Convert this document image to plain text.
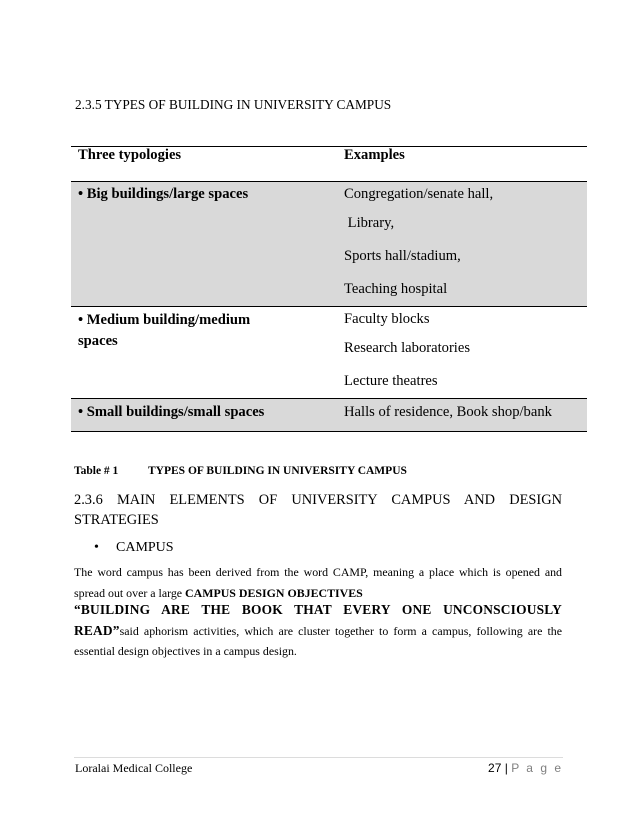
2.3.5 TYPES OF BUILDING IN UNIVERSITY CAMPUS
Three typologies	Examples

• Big buildings/large spaces	Congregation/senate hall,
Library,
Sports hall/stadium,
Teaching hospital

• Medium building/medium
spaces	Faculty blocks
Research laboratories
Lecture theatres

• Small buildings/small spaces	Halls of residence, Book shop/bank
Table # 1	TYPES OF BUILDING IN UNIVERSITY CAMPUS
2.3.6 MAIN ELEMENTS OF UNIVERSITY CAMPUS AND DESIGN
STRATEGIES
• CAMPUS
The word campus has been derived from the word CAMP, meaning a place which is opened and spread out over a large CAMPUS DESIGN OBJECTIVES
“BUILDING ARE THE BOOK THAT EVERY ONE UNCONSCIOUSLY READ”said aphorism activities, which are cluster together to form a campus, following are the essential design objectives in a campus design.
Loralai Medical College	27 | P a g e
